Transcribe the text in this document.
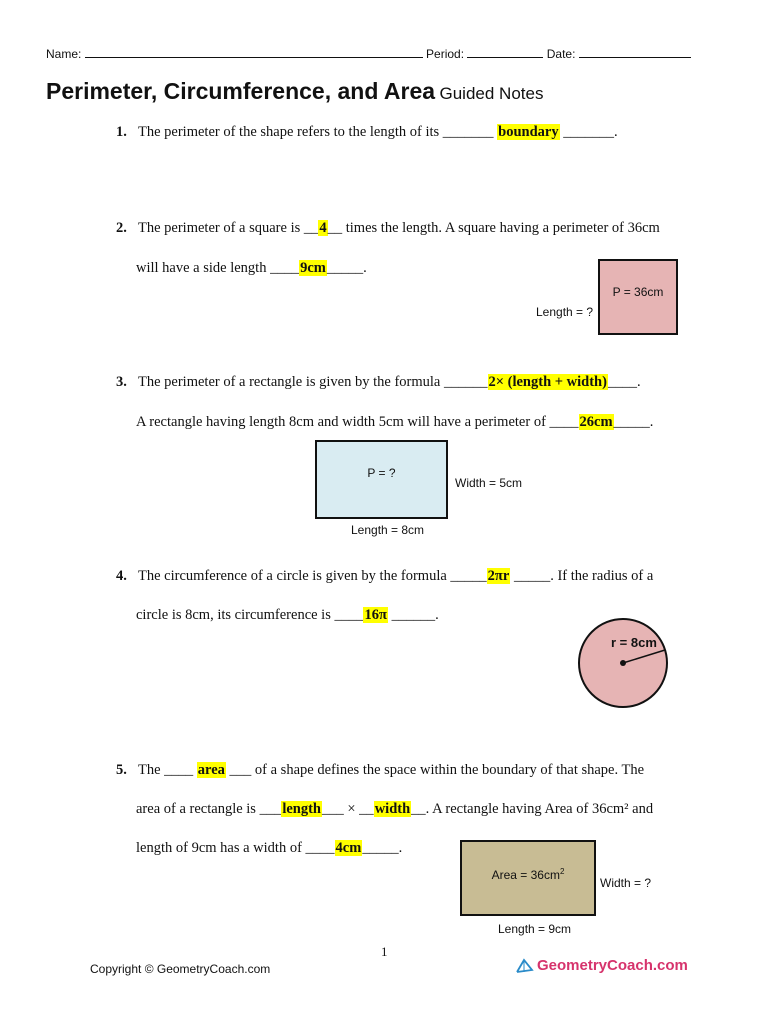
Name:	Period:	Date:
Perimeter, Circumference, and Area Guided Notes
1. The perimeter of the shape refers to the length of its _______ boundary _______.
2. The perimeter of a square is __4__ times the length. A square having a perimeter of 36cm
will have a side length ____9cm_____.
P = 36cm
Length = ?
3. The perimeter of a rectangle is given by the formula ______2× (length + width)____.
A rectangle having length 8cm and width 5cm will have a perimeter of ____26cm_____.
P = ?
Width = 5cm
Length = 8cm
4. The circumference of a circle is given by the formula _____2πr _____. If the radius of a
circle is 8cm, its circumference is ____16π ______.
r = 8cm
5. The ____ area ___ of a shape defines the space within the boundary of that shape. The
area of a rectangle is ___length___ × __width__. A rectangle having Area of 36cm² and
length of 9cm has a width of ____4cm_____.
Area = $36cm^2$
Width = ?
Length = 9cm
1
Copyright © GeometryCoach.com	GeometryCoach.com
